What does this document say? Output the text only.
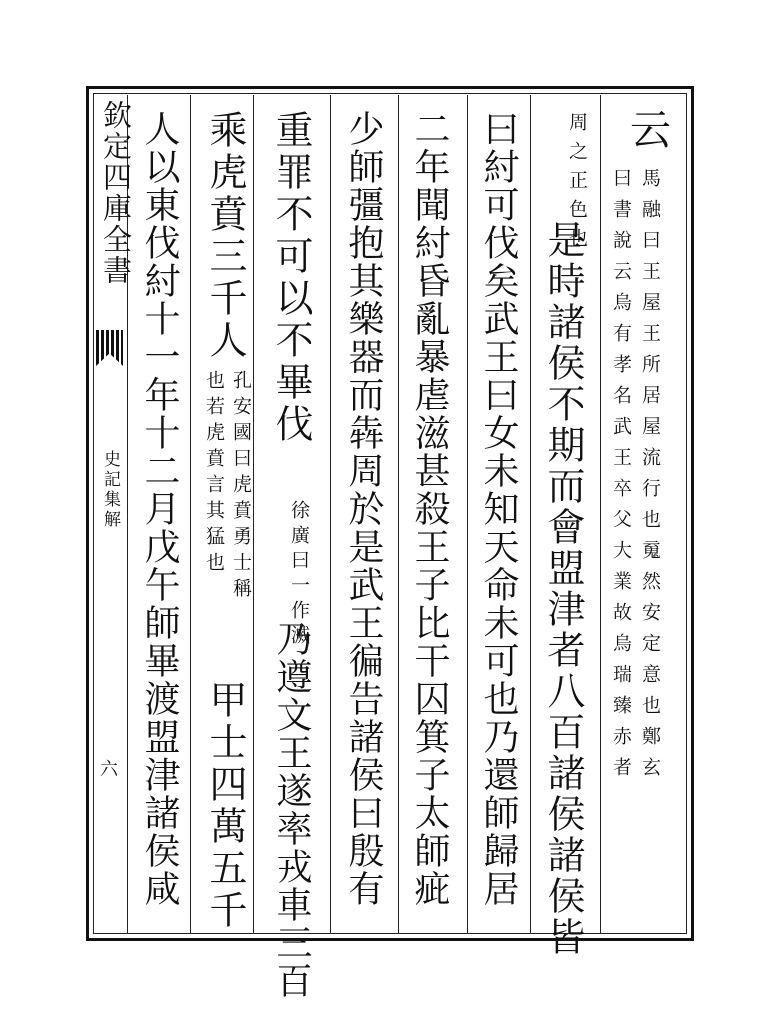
欽定四庫全書
史記集解
六
云
馬融曰王屋王所居屋流行也䰟然安定意也鄭玄
曰書說云烏有孝名武王卒父大業故烏瑞臻赤者
周之正色也
是時諸侯不期而會盟津者八百諸侯諸侯皆
曰紂可伐矣武王曰女未知天命未可也乃還師歸居
二年聞紂昏亂暴虐滋甚殺王子比干囚箕子太師疵
少師彊抱其樂器而犇周於是武王徧告諸侯曰殷有
重罪不可以不畢伐
徐廣曰一作滅
乃遵文王遂率戎車三百
乘虎賁三千人
孔安國曰虎賁勇士稱
也若虎賁言其猛也
甲士四萬五千
人以東伐紂十一年十二月戊午師畢渡盟津諸侯咸
